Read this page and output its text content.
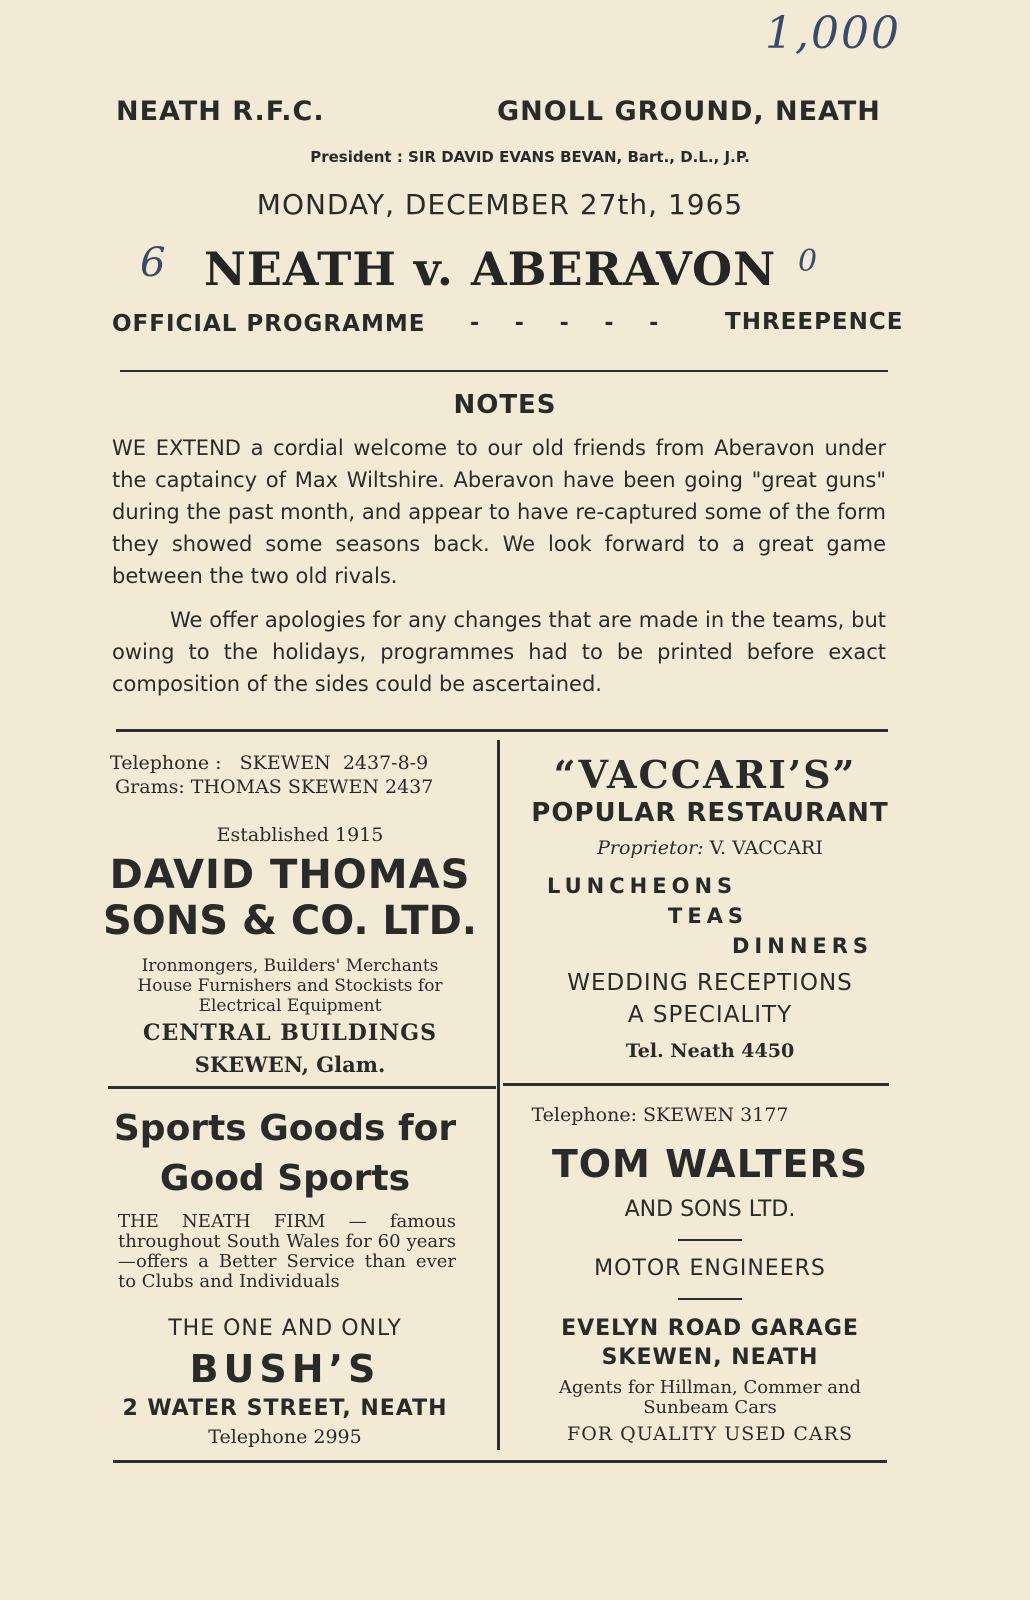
1,000
6	0
NEATH R.F.C.	GNOLL GROUND, NEATH
President : SIR DAVID EVANS BEVAN, Bart., D.L., J.P.
MONDAY, DECEMBER 27th, 1965
NEATH v. ABERAVON
OFFICIAL PROGRAMME - - - - - THREEPENCE
NOTES

WE EXTEND a cordial welcome to our old friends from Aberavon under the captaincy of Max Wiltshire. Aberavon have been going "great guns" during the past month, and appear to have re-captured some of the form they showed some seasons back. We look forward to a great game between the two old rivals.

We offer apologies for any changes that are made in the teams, but owing to the holidays, programmes had to be printed before exact composition of the sides could be ascertained.

Telephone :   SKEWEN  2437-8-9
Grams: THOMAS SKEWEN 2437
Established 1915
DAVID THOMAS
SONS & CO. LTD.
Ironmongers, Builders' Merchants House Furnishers and Stockists for Electrical Equipment
CENTRAL BUILDINGS
SKEWEN, Glam.
“VACCARI’S”
POPULAR RESTAURANT
Proprietor: V. VACCARI
LUNCHEONS
TEAS
DINNERS
WEDDING RECEPTIONS
A SPECIALITY
Tel. Neath 4450
Sports Goods for
Good Sports
THE NEATH FIRM — famous throughout South Wales for 60 years—offers a Better Service than ever to Clubs and Individuals
THE ONE AND ONLY
BUSH’S
2 WATER STREET, NEATH
Telephone 2995
Telephone: SKEWEN 3177
TOM WALTERS
AND SONS LTD.
MOTOR ENGINEERS
EVELYN ROAD GARAGE
SKEWEN, NEATH
Agents for Hillman, Commer and Sunbeam Cars
FOR QUALITY USED CARS
